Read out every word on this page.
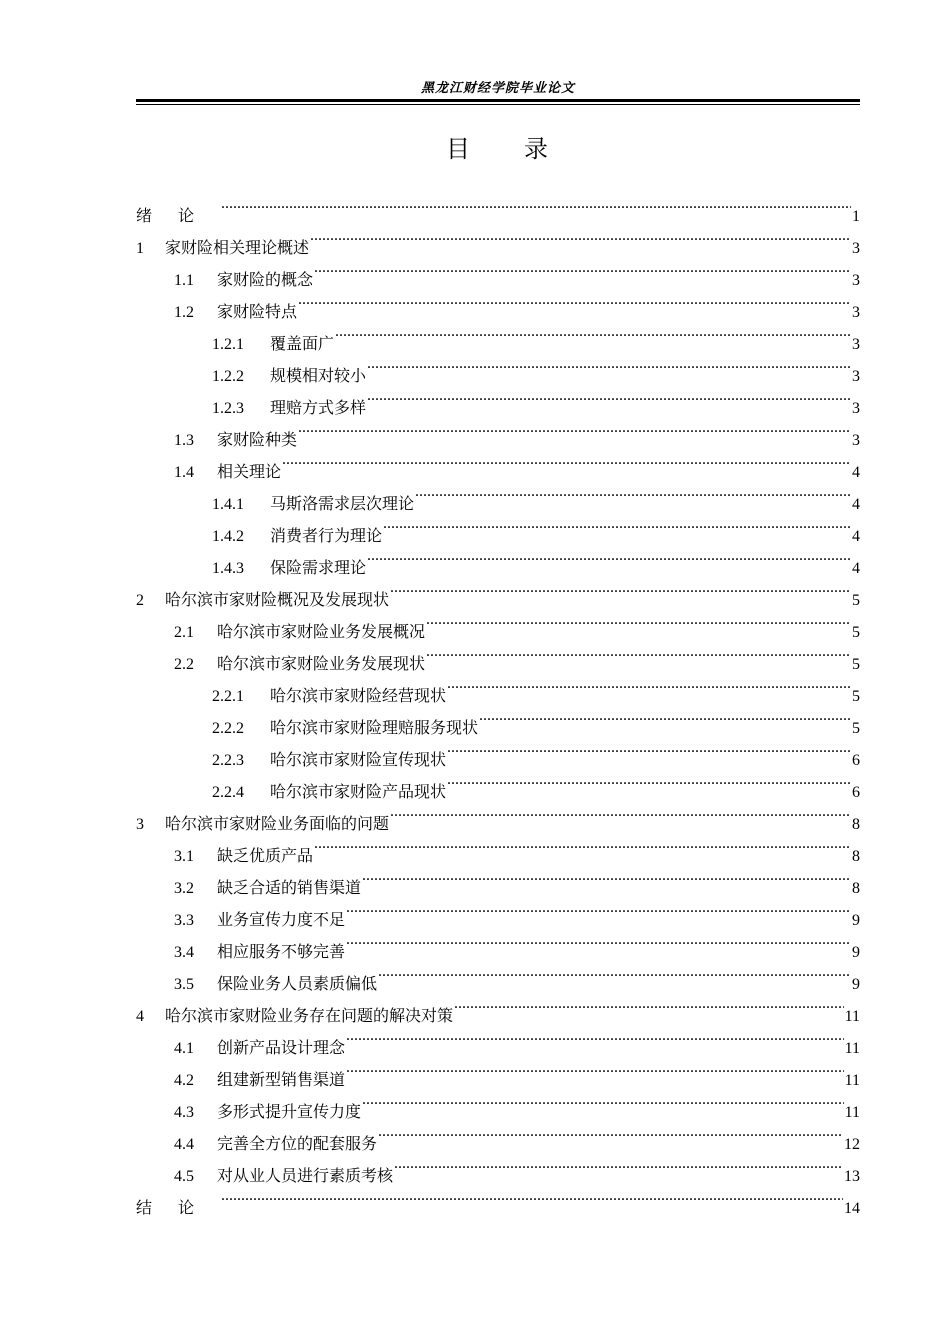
黑龙江财经学院毕业论文
目　　录
绪论 .....	1
1	家财险相关理论概述 .....	3
1.1	家财险的概念 .....	3
1.2	家财险特点 .....	3
1.2.1	覆盖面广 .....	3
1.2.2	规模相对较小 .....	3
1.2.3	理赔方式多样 .....	3
1.3	家财险种类 .....	3
1.4	相关理论 .....	4
1.4.1	马斯洛需求层次理论 .....	4
1.4.2	消费者行为理论 .....	4
1.4.3	保险需求理论 .....	4
2	哈尔滨市家财险概况及发展现状 .....	5
2.1	哈尔滨市家财险业务发展概况 .....	5
2.2	哈尔滨市家财险业务发展现状 .....	5
2.2.1	哈尔滨市家财险经营现状 .....	5
2.2.2	哈尔滨市家财险理赔服务现状 .....	5
2.2.3	哈尔滨市家财险宣传现状 .....	6
2.2.4	哈尔滨市家财险产品现状 .....	6
3	哈尔滨市家财险业务面临的问题 .....	8
3.1	缺乏优质产品 .....	8
3.2	缺乏合适的销售渠道 .....	8
3.3	业务宣传力度不足 .....	9
3.4	相应服务不够完善 .....	9
3.5	保险业务人员素质偏低 .....	9
4	哈尔滨市家财险业务存在问题的解决对策 .....	11
4.1	创新产品设计理念 .....	11
4.2	组建新型销售渠道 .....	11
4.3	多形式提升宣传力度 .....	11
4.4	完善全方位的配套服务 .....	12
4.5	对从业人员进行素质考核 .....	13
结论 .....	14
